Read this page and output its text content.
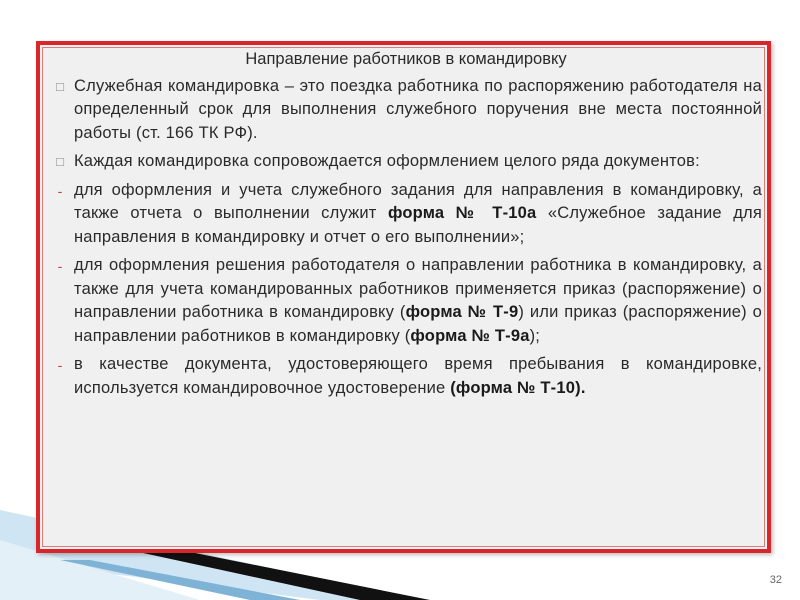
Направление работников в командировку
□ Служебная командировка – это поездка работника по распоряжению работодателя на определенный срок для выполнения служебного поручения вне места постоянной работы (ст. 166 ТК РФ).
□ Каждая командировка сопровождается оформлением целого ряда документов:
- для оформления и учета служебного задания для направления в командировку, а также отчета о выполнении служит форма № Т-10а «Служебное задание для направления в командировку и отчет о его выполнении»;
- для оформления решения работодателя о направлении работника в командировку, а также для учета командированных работников применяется приказ (распоряжение) о направлении работника в командировку (форма № Т-9) или приказ (распоряжение) о направлении работников в командировку (форма № Т-9а);
- в качестве документа, удостоверяющего время пребывания в командировке, используется командировочное удостоверение (форма № Т-10).
32
